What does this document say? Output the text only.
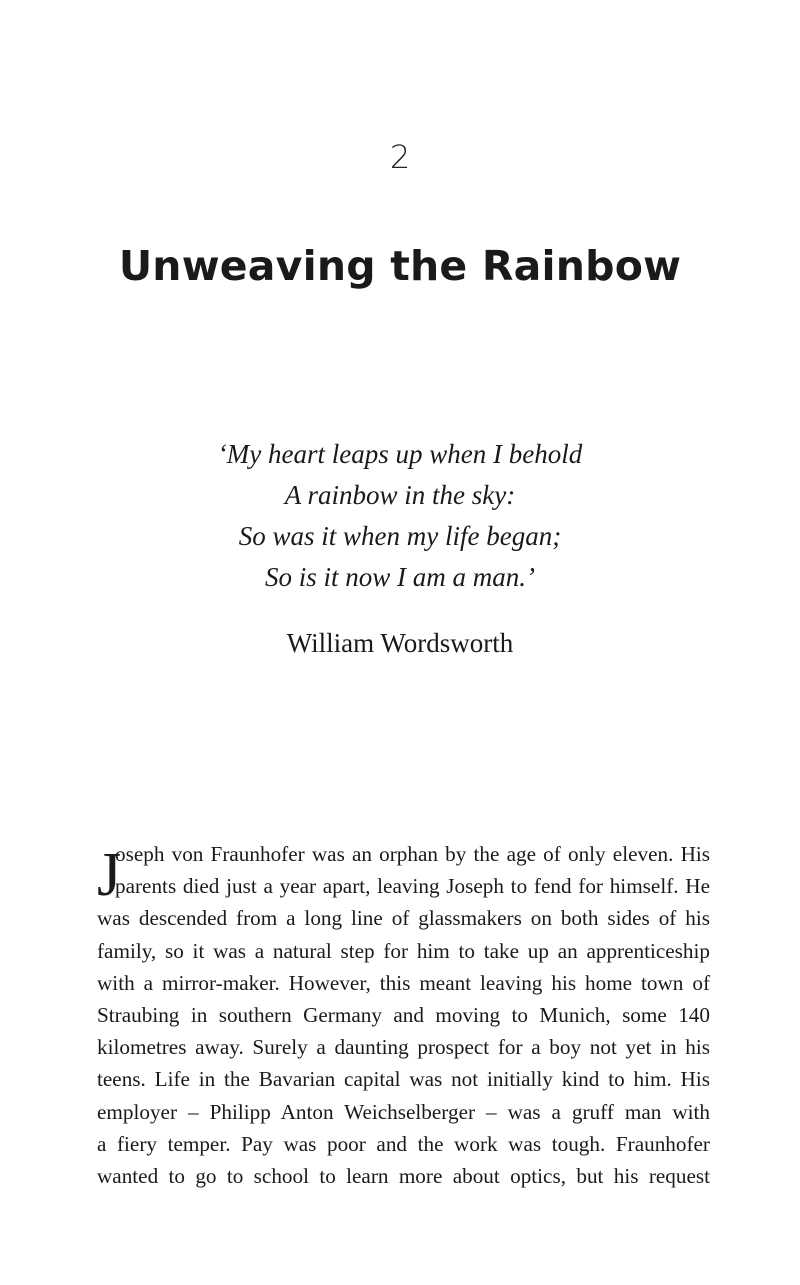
2
Unweaving the Rainbow
‘My heart leaps up when I behold
A rainbow in the sky:
So was it when my life began;
So is it now I am a man.’
William Wordsworth
J
oseph von Fraunhofer was an orphan by the age of only eleven. His
parents died just a year apart, leaving Joseph to fend for himself. He
was descended from a long line of glassmakers on both sides of his
family, so it was a natural step for him to take up an apprenticeship
with a mirror-maker. However, this meant leaving his home town of
Straubing in southern Germany and moving to Munich, some 140
kilometres away. Surely a daunting prospect for a boy not yet in his
teens. Life in the Bavarian capital was not initially kind to him. His
employer – Philipp Anton Weichselberger – was a gruff man with
a fiery temper. Pay was poor and the work was tough. Fraunhofer
wanted to go to school to learn more about optics, but his request
